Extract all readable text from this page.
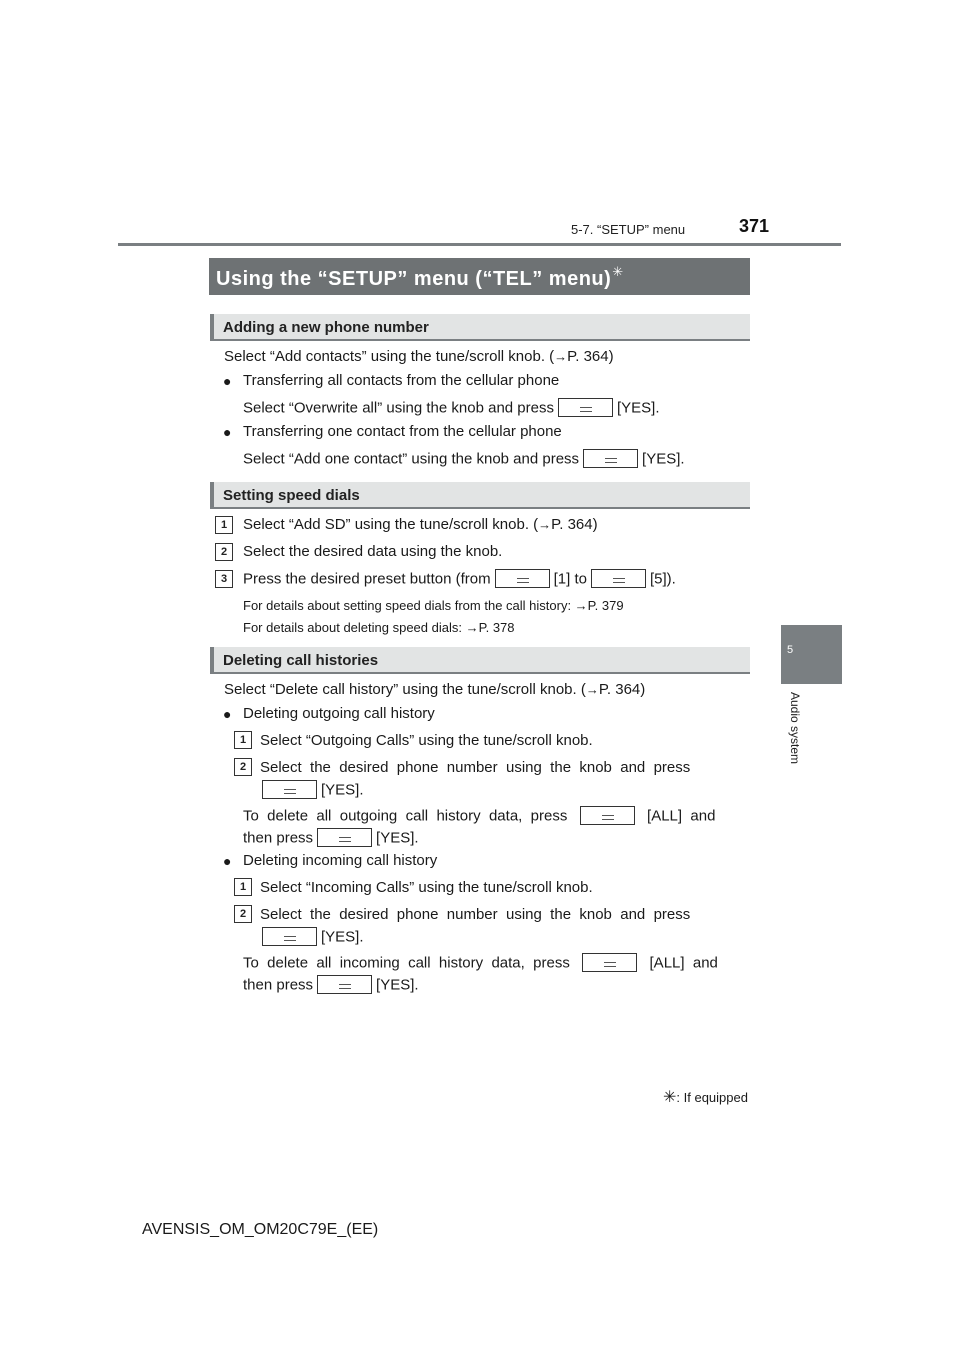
5-7. “SETUP” menu	371
5
Audio system
Using the “SETUP” menu (“TEL” menu)✳
Adding a new phone number
Select “Add contacts” using the tune/scroll knob. (→P. 364)
● Transferring all contacts from the cellular phone
Select “Overwrite all” using the knob and press	[YES].
● Transferring one contact from the cellular phone
Select “Add one contact” using the knob and press	[YES].
Setting speed dials
1	Select “Add SD” using the tune/scroll knob. (→P. 364)
2	Select the desired data using the knob.
3	Press the desired preset button (from	[1] to	[5]).
For details about setting speed dials from the call history: →P. 379
For details about deleting speed dials: →P. 378
Deleting call histories
Select “Delete call history” using the tune/scroll knob. (→P. 364)
● Deleting outgoing call history
1 Select “Outgoing Calls” using the tune/scroll knob.
2 Select  the  desired  phone  number  using  the  knob  and  press
[YES].
To  delete  all  outgoing  call  history  data,  press	[ALL]  and
then press	[YES].
● Deleting incoming call history
1 Select “Incoming Calls” using the tune/scroll knob.
2 Select  the  desired  phone  number  using  the  knob  and  press
[YES].
To  delete  all  incoming  call  history  data,  press	[ALL]  and
then press	[YES].
✳: If equipped
AVENSIS_OM_OM20C79E_(EE)
